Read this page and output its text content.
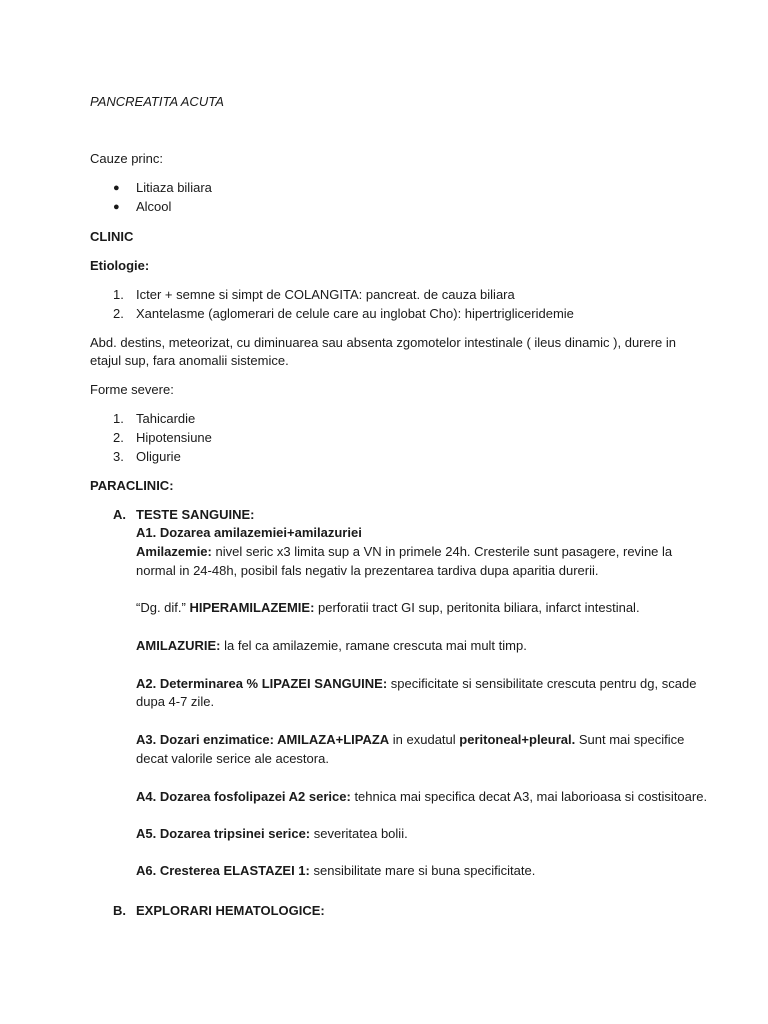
PANCREATITA ACUTA
Cauze princ:
● Litiaza biliara
● Alcool
CLINIC
Etiologie:
1. Icter + semne si simpt de COLANGITA: pancreat. de cauza biliara
2. Xantelasme (aglomerari de celule care au inglobat Cho): hipertrigliceridemie
Abd. destins, meteorizat, cu diminuarea sau absenta zgomotelor intestinale ( ileus dinamic ), durere in
etajul sup, fara anomalii sistemice.
Forme severe:
1. Tahicardie
2. Hipotensiune
3. Oligurie
PARACLINIC:
A. TESTE SANGUINE:
A1. Dozarea amilazemiei+amilazuriei
Amilazemie: nivel seric x3 limita sup a VN in primele 24h. Cresterile sunt pasagere, revine la
normal in 24-48h, posibil fals negativ la prezentarea tardiva dupa aparitia durerii.
“Dg. dif.” HIPERAMILAZEMIE: perforatii tract GI sup, peritonita biliara, infarct intestinal.
AMILAZURIE: la fel ca amilazemie, ramane crescuta mai mult timp.
A2. Determinarea % LIPAZEI SANGUINE: specificitate si sensibilitate crescuta pentru dg, scade
dupa 4-7 zile.
A3. Dozari enzimatice: AMILAZA+LIPAZA in exudatul peritoneal+pleural. Sunt mai specifice
decat valorile serice ale acestora.
A4. Dozarea fosfolipazei A2 serice: tehnica mai specifica decat A3, mai laborioasa si costisitoare.
A5. Dozarea tripsinei serice: severitatea bolii.
A6. Cresterea ELASTAZEI 1: sensibilitate mare si buna specificitate.
B. EXPLORARI HEMATOLOGICE:
